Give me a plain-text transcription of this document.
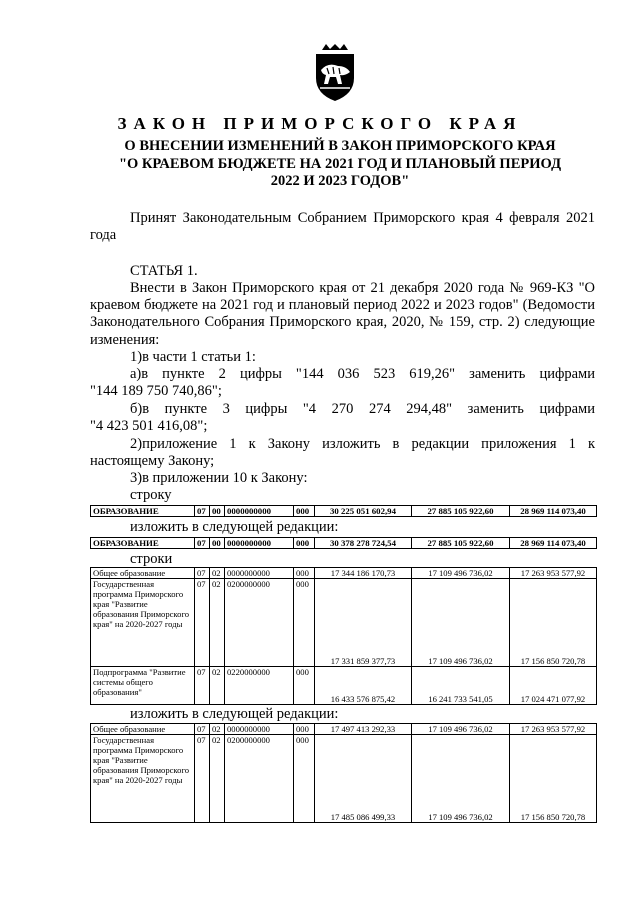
ЗАКОН ПРИМОРСКОГО КРАЯ
О ВНЕСЕНИИ ИЗМЕНЕНИЙ В ЗАКОН ПРИМОРСКОГО КРАЯ
"О КРАЕВОМ БЮДЖЕТЕ НА 2021 ГОД И ПЛАНОВЫЙ ПЕРИОД
2022 И 2023 ГОДОВ"
Принят Законодательным Собранием Приморского края 4 февраля 2021 года
СТАТЬЯ 1.
Внести в Закон Приморского края от 21 декабря 2020 года № 969-КЗ "О краевом бюджете на 2021 год и плановый период 2022 и 2023 годов" (Ведомости Законодательного Собрания Приморского края, 2020, № 159, стр. 2) следующие изменения:
1)в части 1 статьи 1:
а)в пункте 2 цифры "144 036 523 619,26" заменить цифрами
"144 189 750 740,86";
б)в пункте 3 цифры "4 270 274 294,48" заменить цифрами
"4 423 501 416,08";
2)приложение 1 к Закону изложить в редакции приложения 1 к
настоящему Закону;
3)в приложении 10 к Закону:
строку
ОБРАЗОВАНИЕ	07	00	0000000000	000	30 225 051 602,94	27 885 105 922,60	28 969 114 073,40
изложить в следующей редакции:
ОБРАЗОВАНИЕ	07	00	0000000000	000	30 378 278 724,54	27 885 105 922,60	28 969 114 073,40
строки
Общее образование	07	02	0000000000	000	17 344 186 170,73	17 109 496 736,02	17 263 953 577,92
Государственная программа Приморского края "Развитие образования Приморского края" на 2020-2027 годы	07	02	0200000000	000	17 331 859 377,73	17 109 496 736,02	17 156 850 720,78
Подпрограмма "Развитие системы общего образования"	07	02	0220000000	000	16 433 576 875,42	16 241 733 541,05	17 024 471 077,92
изложить в следующей редакции:
Общее образование	07	02	0000000000	000	17 497 413 292,33	17 109 496 736,02	17 263 953 577,92
Государственная программа Приморского края "Развитие образования Приморского края" на 2020-2027 годы	07	02	0200000000	000	17 485 086 499,33	17 109 496 736,02	17 156 850 720,78
